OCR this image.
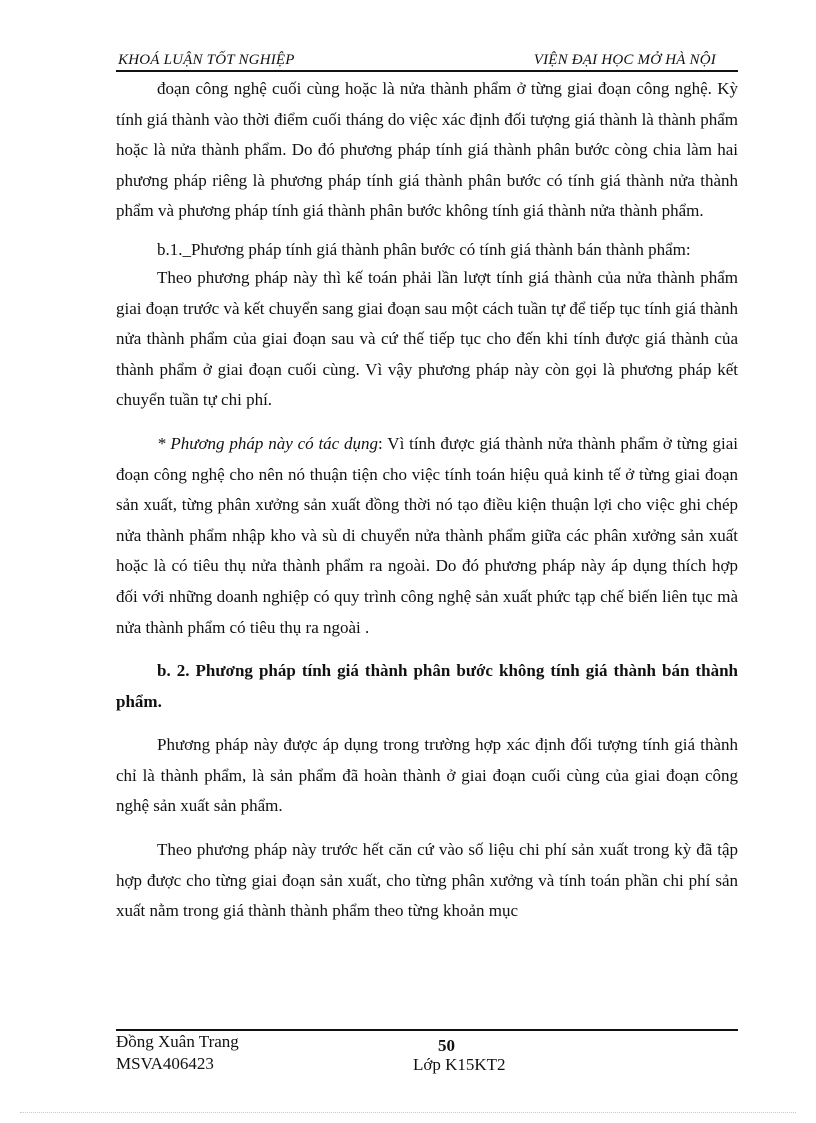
KHOÁ LUẬN TỐT NGHIỆP	VIỆN ĐẠI HỌC MỞ HÀ NỘI

đoạn công nghệ cuối cùng hoặc là nửa thành phẩm ở từng giai đoạn công nghệ. Kỳ tính giá thành vào thời điểm cuối tháng do việc xác định đối tượng giá thành là thành phẩm hoặc là nửa thành phẩm. Do đó phương pháp tính giá thành phân bước còng chia làm hai phương pháp riêng là phương pháp tính giá thành phân bước có tính giá thành nửa thành phẩm và phương pháp tính giá thành phân bước không tính giá thành nửa thành phẩm.

b.1._Phương pháp tính giá thành phân bước có tính giá thành bán thành phẩm:

Theo phương pháp này thì kế toán phải lần lượt tính giá thành của nửa thành phẩm giai đoạn trước và kết chuyển sang giai đoạn sau một cách tuần tự để tiếp tục tính giá thành nửa thành phẩm của giai đoạn sau và cứ thế tiếp tục cho đến khi tính được giá thành của thành phẩm ở giai đoạn cuối cùng. Vì vậy phương pháp này còn gọi là phương pháp kết chuyển tuần tự chi phí.

* Phương pháp này có tác dụng: Vì tính được giá thành nửa thành phẩm ở từng giai đoạn công nghệ cho nên nó thuận tiện cho việc tính toán hiệu quả kinh tế ở từng giai đoạn sản xuất, từng phân xưởng sản xuất đồng thời nó tạo điều kiện thuận lợi cho việc ghi chép nửa thành phẩm nhập kho và sù di chuyển nửa thành phẩm giữa các phân xưởng sản xuất hoặc là có tiêu thụ nửa thành phẩm ra ngoài. Do đó phương pháp này áp dụng thích hợp đối với những doanh nghiệp có quy trình công nghệ sản xuất phức tạp chế biến liên tục mà nửa thành phẩm có tiêu thụ ra ngoài .

b. 2. Phương pháp tính giá thành phân bước không tính giá thành bán thành phẩm.

Phương pháp này được áp dụng trong trường hợp xác định đối tượng tính giá thành chỉ là thành phẩm, là sản phẩm đã hoàn thành ở giai đoạn cuối cùng của giai đoạn công nghệ sản xuất sản phẩm.

Theo phương pháp này trước hết căn cứ vào số liệu chi phí sản xuất trong kỳ đã tập hợp được cho từng giai đoạn sản xuất, cho từng phân xưởng và tính toán phần chi phí sản xuất nằm trong giá thành thành phẩm theo từng khoản mục

Đồng Xuân Trang
MSVA406423
50
Lớp K15KT2
